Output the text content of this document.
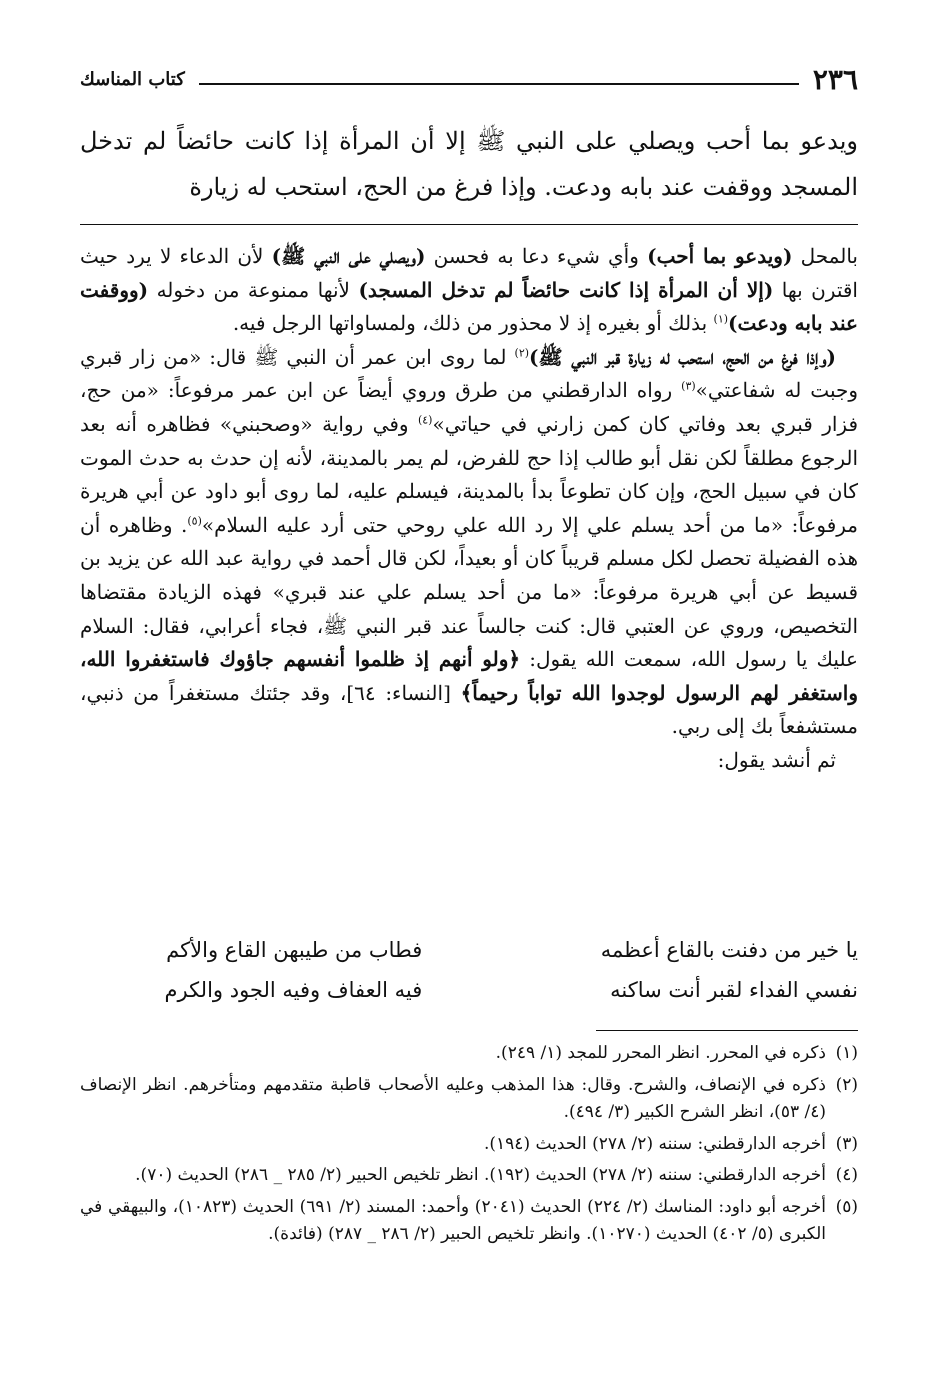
٢٣٦
كتاب المناسك
ويدعو بما أحب ويصلي على النبي ﷺ إلا أن المرأة إذا كانت حائضاً لم تدخل المسجد ووقفت عند بابه ودعت. وإذا فرغ من الحج، استحب له زيارة

بالمحل (ويدعو بما أحب) وأي شيء دعا به فحسن (ويصلي على النبي ﷺ) لأن الدعاء لا يرد حيث اقترن بها (إلا أن المرأة إذا كانت حائضاً لم تدخل المسجد) لأنها ممنوعة من دخوله (ووقفت عند بابه ودعت)$^{(١)}$ بذلك أو بغيره إذ لا محذور من ذلك، ولمساواتها الرجل فيه.

(وإذا فرغ من الحج، استحب له زيارة قبر النبي ﷺ)$^{(٢)}$ لما روى ابن عمر أن النبي ﷺ قال: «من زار قبري وجبت له شفاعتي»$^{(٣)}$ رواه الدارقطني من طرق وروي أيضاً عن ابن عمر مرفوعاً: «من حج، فزار قبري بعد وفاتي كان كمن زارني في حياتي»$^{(٤)}$ وفي رواية «وصحبني» فظاهره أنه بعد الرجوع مطلقاً لكن نقل أبو طالب إذا حج للفرض، لم يمر بالمدينة، لأنه إن حدث به حدث الموت كان في سبيل الحج، وإن كان تطوعاً بدأ بالمدينة، فيسلم عليه، لما روى أبو داود عن أبي هريرة مرفوعاً: «ما من أحد يسلم علي إلا رد الله علي روحي حتى أرد عليه السلام»$^{(٥)}$. وظاهره أن هذه الفضيلة تحصل لكل مسلم قريباً كان أو بعيداً، لكن قال أحمد في رواية عبد الله عن يزيد بن قسيط عن أبي هريرة مرفوعاً: «ما من أحد يسلم علي عند قبري» فهذه الزيادة مقتضاها التخصيص، وروي عن العتبي قال: كنت جالساً عند قبر النبي ﷺ، فجاء أعرابي، فقال: السلام عليك يا رسول الله، سمعت الله يقول: ﴿ولو أنهم إذ ظلموا أنفسهم جاؤوك فاستغفروا الله، واستغفر لهم الرسول لوجدوا الله تواباً رحيماً﴾ [النساء: ٦٤]، وقد جئتك مستغفراً من ذنبي، مستشفعاً بك إلى ربي.

ثم أنشد يقول:

يا خير من دفنت بالقاع أعظمه
فطاب من طيبهن القاع والأكم
نفسي الفداء لقبر أنت ساكنه
فيه العفاف وفيه الجود والكرم
(١)
ذكره في المحرر. انظر المحرر للمجد (١/ ٢٤٩).
(٢)
ذكره في الإنصاف، والشرح. وقال: هذا المذهب وعليه الأصحاب قاطبة متقدمهم ومتأخرهم. انظر الإنصاف (٤/ ٥٣)، انظر الشرح الكبير (٣/ ٤٩٤).
(٣)
أخرجه الدارقطني: سننه (٢/ ٢٧٨) الحديث (١٩٤).
(٤)
أخرجه الدارقطني: سننه (٢/ ٢٧٨) الحديث (١٩٢). انظر تلخيص الحبير (٢/ ٢٨٥ _ ٢٨٦) الحديث (٧٠).
(٥)
أخرجه أبو داود: المناسك (٢/ ٢٢٤) الحديث (٢٠٤١) وأحمد: المسند (٢/ ٦٩١) الحديث (١٠٨٢٣)، والبيهقي في الكبرى (٥/ ٤٠٢) الحديث (١٠٢٧٠). وانظر تلخيص الحبير (٢/ ٢٨٦ _ ٢٨٧) (فائدة).
